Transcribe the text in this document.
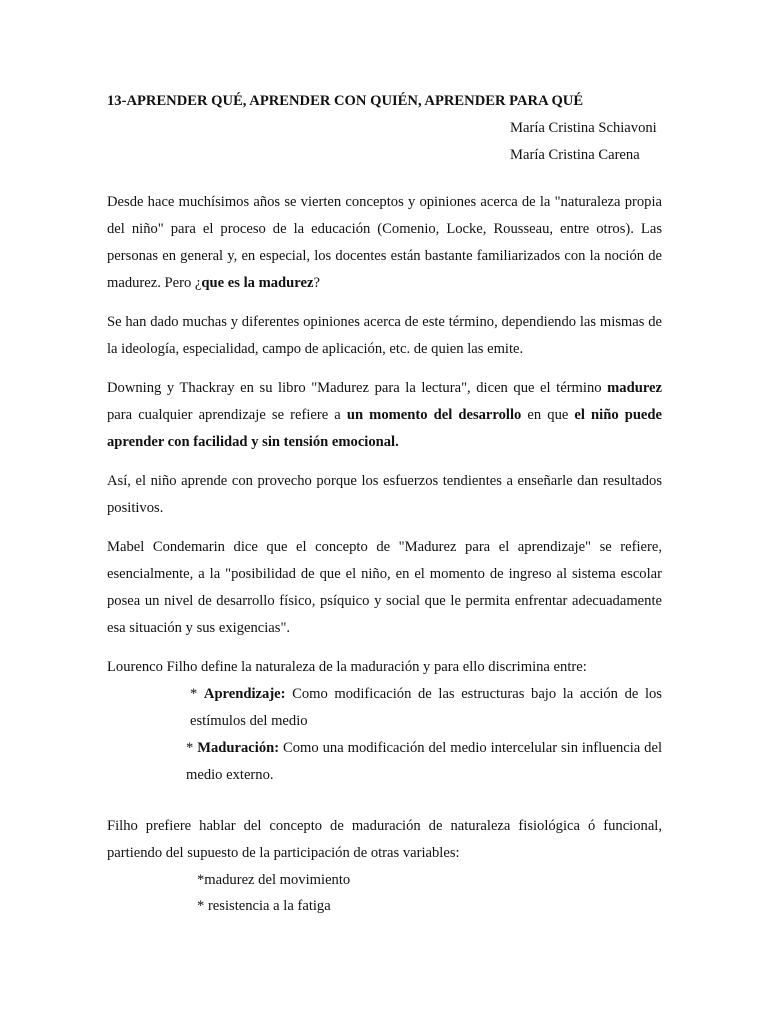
13-APRENDER QUÉ, APRENDER CON QUIÉN, APRENDER PARA QUÉ
María Cristina Schiavoni
María Cristina Carena

Desde hace muchísimos años se vierten conceptos y opiniones acerca de la "naturaleza propia del niño" para el proceso de la educación (Comenio, Locke, Rousseau, entre otros). Las personas en general y, en especial, los docentes están bastante familiarizados con la noción de madurez. Pero ¿que es la madurez?

Se han dado muchas y diferentes opiniones acerca de este término, dependiendo las mismas de la ideología, especialidad, campo de aplicación, etc. de quien las emite.

Downing y Thackray en su libro "Madurez para la lectura", dicen que el término madurez para cualquier aprendizaje se refiere a un momento del desarrollo en que el niño puede aprender con facilidad y sin tensión emocional.

Así, el niño aprende con provecho porque los esfuerzos tendientes a enseñarle dan resultados positivos.

Mabel Condemarin dice que el concepto de "Madurez para el aprendizaje" se refiere, esencialmente, a la "posibilidad de que el niño, en el momento de ingreso al sistema escolar posea un nivel de desarrollo físico, psíquico y social que le permita enfrentar adecuadamente esa situación y sus exigencias".

Lourenco Filho define la naturaleza de la maduración y para ello discrimina entre:

* Aprendizaje: Como modificación de las estructuras bajo la acción de los estímulos del medio

* Maduración: Como una modificación del medio intercelular sin influencia del medio externo.

Filho prefiere hablar del concepto de maduración de naturaleza fisiológica ó funcional, partiendo del supuesto de la participación de otras variables:

*madurez del movimiento
* resistencia a la fatiga
